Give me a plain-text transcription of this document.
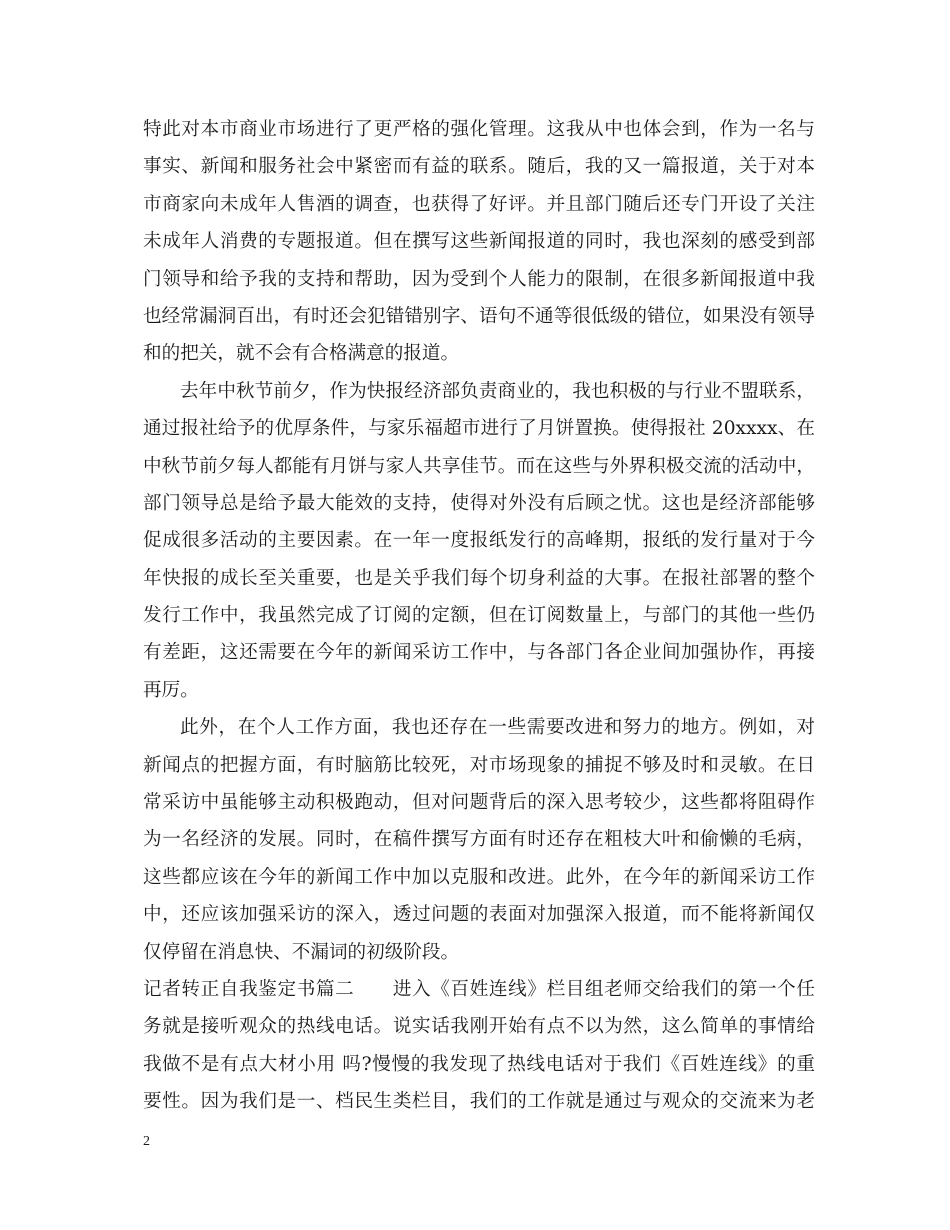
特此对本市商业市场进行了更严格的强化管理。这我从中也体会到，作为一名与
事实、新闻和服务社会中紧密而有益的联系。随后，我的又一篇报道，关于对本
市商家向未成年人售酒的调查，也获得了好评。并且部门随后还专门开设了关注
未成年人消费的专题报道。但在撰写这些新闻报道的同时，我也深刻的感受到部
门领导和给予我的支持和帮助，因为受到个人能力的限制，在很多新闻报道中我
也经常漏洞百出，有时还会犯错错别字、语句不通等很低级的错位，如果没有领导
和的把关，就不会有合格满意的报道。
去年中秋节前夕，作为快报经济部负责商业的，我也积极的与行业不盟联系，
通过报社给予的优厚条件，与家乐福超市进行了月饼置换。使得报社 20xxxx、在
中秋节前夕每人都能有月饼与家人共享佳节。而在这些与外界积极交流的活动中，
部门领导总是给予最大能效的支持，使得对外没有后顾之忧。这也是经济部能够
促成很多活动的主要因素。在一年一度报纸发行的高峰期，报纸的发行量对于今
年快报的成长至关重要，也是关乎我们每个切身利益的大事。在报社部署的整个
发行工作中，我虽然完成了订阅的定额，但在订阅数量上，与部门的其他一些仍
有差距，这还需要在今年的新闻采访工作中，与各部门各企业间加强协作，再接
再厉。
此外，在个人工作方面，我也还存在一些需要改进和努力的地方。例如，对
新闻点的把握方面，有时脑筋比较死，对市场现象的捕捉不够及时和灵敏。在日
常采访中虽能够主动积极跑动，但对问题背后的深入思考较少，这些都将阻碍作
为一名经济的发展。同时，在稿件撰写方面有时还存在粗枝大叶和偷懒的毛病，
这些都应该在今年的新闻工作中加以克服和改进。此外，在今年的新闻采访工作
中，还应该加强采访的深入，透过问题的表面对加强深入报道，而不能将新闻仅
仅停留在消息快、不漏词的初级阶段。
记者转正自我鉴定书篇二　　进入《百姓连线》栏目组老师交给我们的第一个任
务就是接听观众的热线电话。说实话我刚开始有点不以为然，这么简单的事情给
我做不是有点大材小用 吗?慢慢的我发现了热线电话对于我们《百姓连线》的重
要性。因为我们是一、档民生类栏目，我们的工作就是通过与观众的交流来为老
2
